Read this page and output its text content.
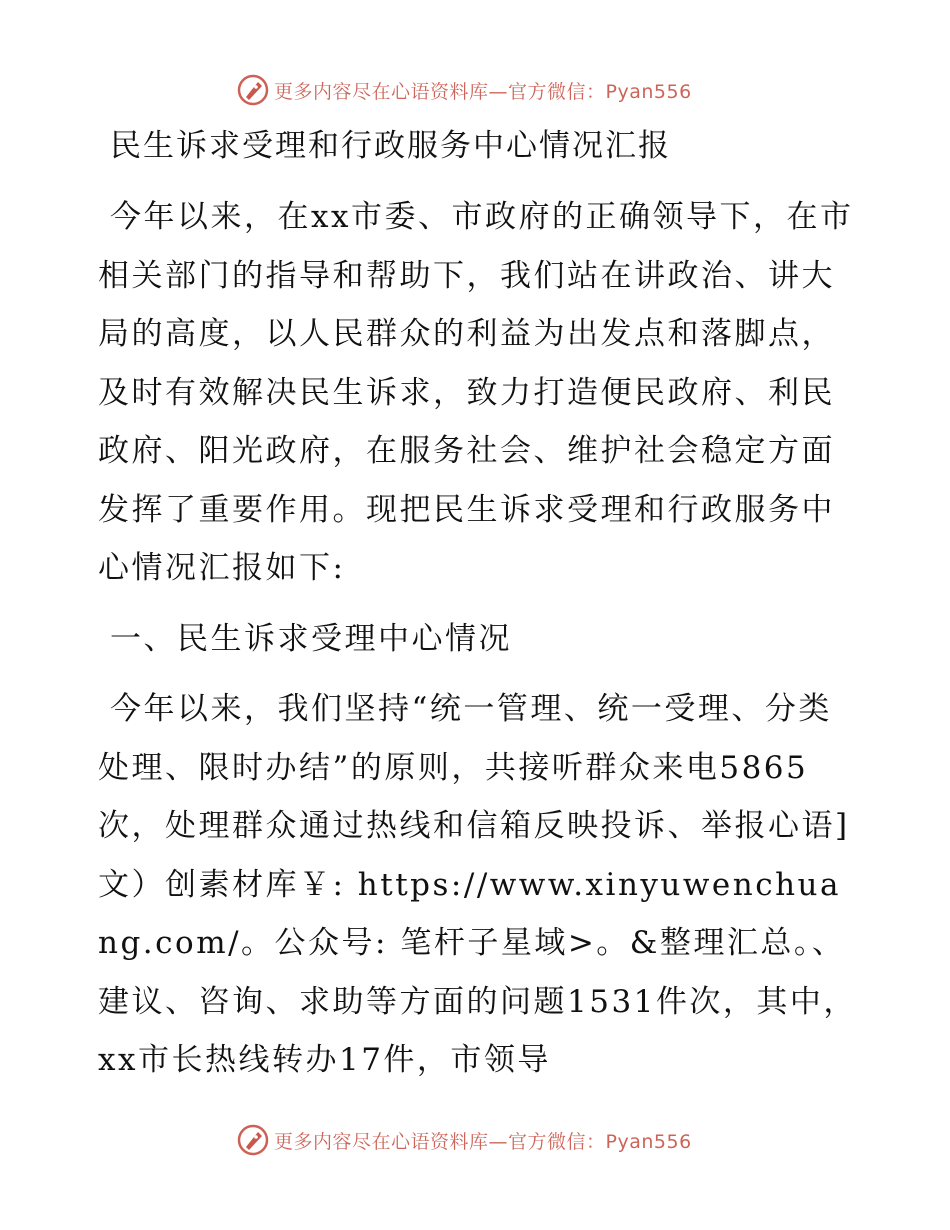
更多内容尽在心语资料库—官方微信：Pyan556
民生诉求受理和行政服务中心情况汇报

今年以来，在xx市委、市政府的正确领导下，在市相关部门的指导和帮助下，我们站在讲政治、讲大局的高度，以人民群众的利益为出发点和落脚点，及时有效解决民生诉求，致力打造便民政府、利民政府、阳光政府，在服务社会、维护社会稳定方面发挥了重要作用。现把民生诉求受理和行政服务中心情况汇报如下:

一、民生诉求受理中心情况

今年以来，我们坚持“统一管理、统一受理、分类处理、限时办结”的原则，共接听群众来电5865次，处理群众通过热线和信箱反映投诉、举报心语]文）创素材库￥: https://www.xinyuwenchuang.com/。公众号: 笔杆子星域>。&整理汇总。、建议、咨询、求助等方面的问题1531件次，其中，xx市长热线转办17件，市领导

更多内容尽在心语资料库—官方微信：Pyan556
